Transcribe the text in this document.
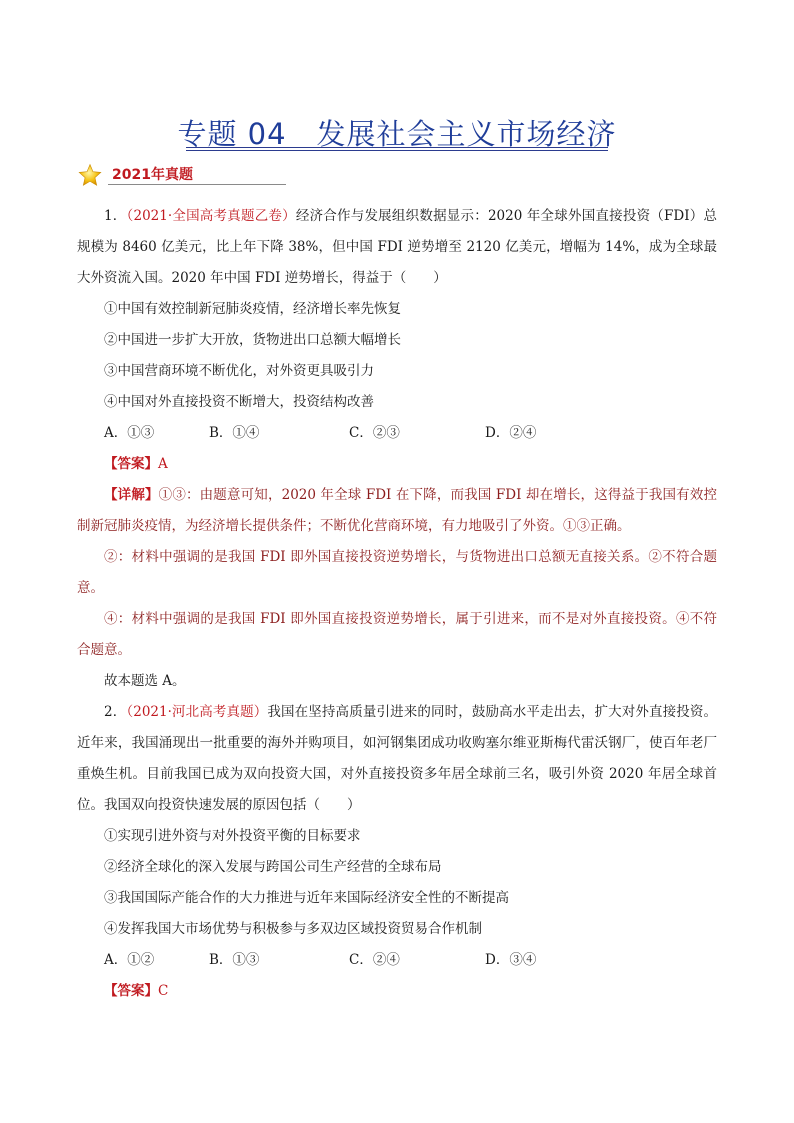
专题 04　发展社会主义市场经济
2021年真题

1．（2021·全国高考真题乙卷）经济合作与发展组织数据显示：2020 年全球外国直接投资（FDI）总规模为 8460 亿美元，比上年下降 38%，但中国 FDI 逆势增至 2120 亿美元，增幅为 14%，成为全球最大外资流入国。2020 年中国 FDI 逆势增长，得益于（　　）

①中国有效控制新冠肺炎疫情，经济增长率先恢复

②中国进一步扩大开放，货物进出口总额大幅增长

③中国营商环境不断优化，对外资更具吸引力

④中国对外直接投资不断增大，投资结构改善

A．①③	B．①④	C．②③	D．②④
【答案】A

【详解】①③：由题意可知，2020 年全球 FDI 在下降，而我国 FDI 却在增长，这得益于我国有效控制新冠肺炎疫情，为经济增长提供条件；不断优化营商环境，有力地吸引了外资。①③正确。

②：材料中强调的是我国 FDI 即外国直接投资逆势增长，与货物进出口总额无直接关系。②不符合题意。

④：材料中强调的是我国 FDI 即外国直接投资逆势增长，属于引进来，而不是对外直接投资。④不符合题意。

故本题选 A。

2．（2021·河北高考真题）我国在坚持高质量引进来的同时，鼓励高水平走出去，扩大对外直接投资。近年来，我国涌现出一批重要的海外并购项目，如河钢集团成功收购塞尔维亚斯梅代雷沃钢厂，使百年老厂重焕生机。目前我国已成为双向投资大国，对外直接投资多年居全球前三名，吸引外资 2020 年居全球首位。我国双向投资快速发展的原因包括（　　）

①实现引进外资与对外投资平衡的目标要求

②经济全球化的深入发展与跨国公司生产经营的全球布局

③我国国际产能合作的大力推进与近年来国际经济安全性的不断提高

④发挥我国大市场优势与积极参与多双边区域投资贸易合作机制

A．①②	B．①③	C．②④	D．③④
【答案】C
